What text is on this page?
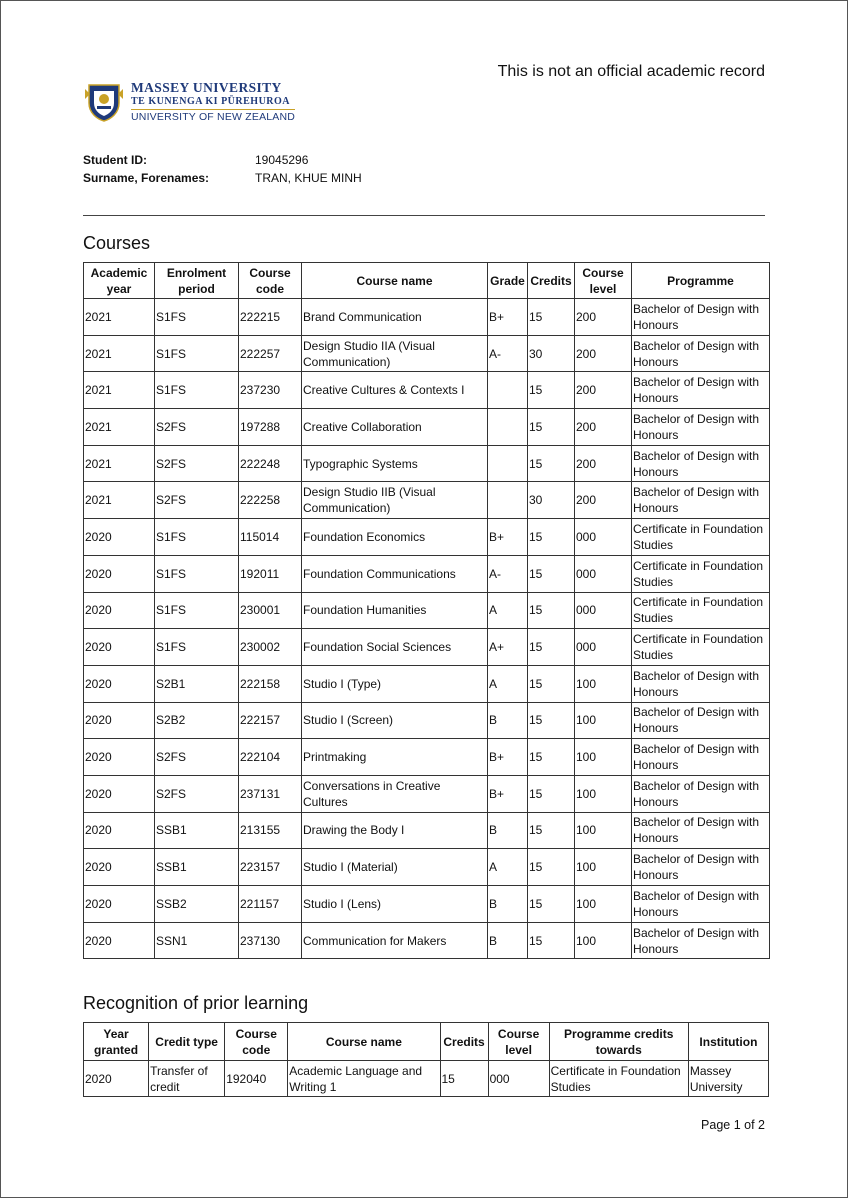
This is not an official academic record
MASSEY UNIVERSITY
TE KUNENGA KI PŪREHUROA
UNIVERSITY OF NEW ZEALAND
Student ID:	19045296
Surname, Forenames:	TRAN, KHUE MINH
Courses
Academic year	Enrolment period	Course code	Course name	Grade	Credits	Course level	Programme
2021	S1FS	222215	Brand Communication	B+	15	200	Bachelor of Design with Honours
2021	S1FS	222257	Design Studio IIA (Visual Communication)	A-	30	200	Bachelor of Design with Honours
2021	S1FS	237230	Creative Cultures & Contexts I		15	200	Bachelor of Design with Honours
2021	S2FS	197288	Creative Collaboration		15	200	Bachelor of Design with Honours
2021	S2FS	222248	Typographic Systems		15	200	Bachelor of Design with Honours
2021	S2FS	222258	Design Studio IIB (Visual Communication)		30	200	Bachelor of Design with Honours
2020	S1FS	115014	Foundation Economics	B+	15	000	Certificate in Foundation Studies
2020	S1FS	192011	Foundation Communications	A-	15	000	Certificate in Foundation Studies
2020	S1FS	230001	Foundation Humanities	A	15	000	Certificate in Foundation Studies
2020	S1FS	230002	Foundation Social Sciences	A+	15	000	Certificate in Foundation Studies
2020	S2B1	222158	Studio I (Type)	A	15	100	Bachelor of Design with Honours
2020	S2B2	222157	Studio I (Screen)	B	15	100	Bachelor of Design with Honours
2020	S2FS	222104	Printmaking	B+	15	100	Bachelor of Design with Honours
2020	S2FS	237131	Conversations in Creative Cultures	B+	15	100	Bachelor of Design with Honours
2020	SSB1	213155	Drawing the Body I	B	15	100	Bachelor of Design with Honours
2020	SSB1	223157	Studio I (Material)	A	15	100	Bachelor of Design with Honours
2020	SSB2	221157	Studio I (Lens)	B	15	100	Bachelor of Design with Honours
2020	SSN1	237130	Communication for Makers	B	15	100	Bachelor of Design with Honours
Recognition of prior learning
Year granted	Credit type	Course code	Course name	Credits	Course level	Programme credits towards	Institution
2020	Transfer of credit	192040	Academic Language and Writing 1	15	000	Certificate in Foundation Studies	Massey University
Page 1 of 2
